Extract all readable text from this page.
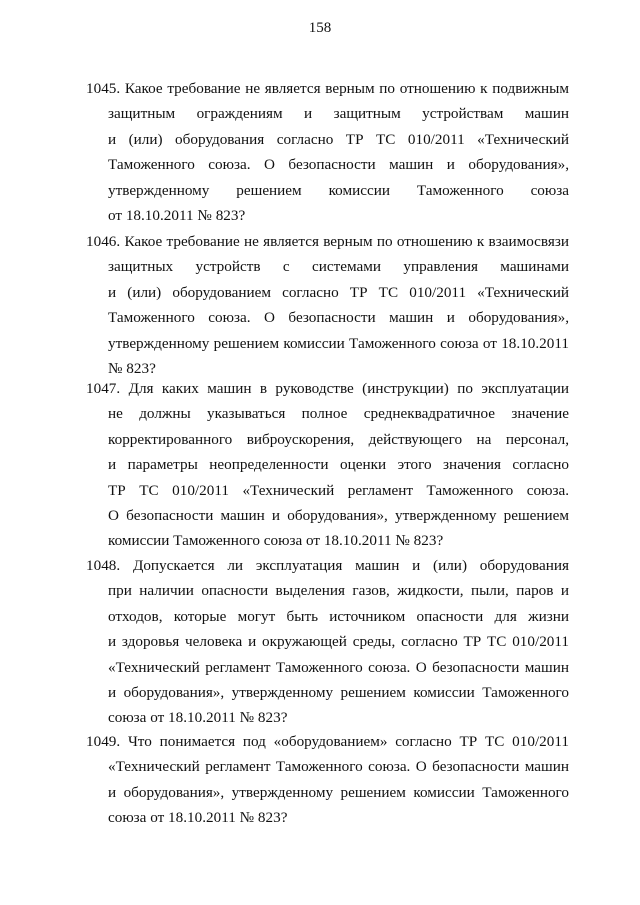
158
1045. Какое требование не является верным по отношению к подвижным
защитным ограждениям и защитным устройствам машин
и (или) оборудования согласно ТР ТС 010/2011 «Технический
Таможенного союза. О безопасности машин и оборудования»,
утвержденному решением комиссии Таможенного союза
от 18.10.2011 № 823?
1046. Какое требование не является верным по отношению к взаимосвязи
защитных устройств с системами управления машинами
и (или) оборудованием согласно ТР ТС 010/2011 «Технический
Таможенного союза. О безопасности машин и оборудования»,
утвержденному решением комиссии Таможенного союза от 18.10.2011
№ 823?
1047. Для каких машин в руководстве (инструкции) по эксплуатации
не должны указываться полное среднеквадратичное значение
корректированного виброускорения, действующего на персонал,
и параметры неопределенности оценки этого значения согласно
ТР ТС 010/2011 «Технический регламент Таможенного союза.
О безопасности машин и оборудования», утвержденному решением
комиссии Таможенного союза от 18.10.2011 № 823?
1048. Допускается ли эксплуатация машин и (или) оборудования
при наличии опасности выделения газов, жидкости, пыли, паров и
отходов, которые могут быть источником опасности для жизни
и здоровья человека и окружающей среды, согласно ТР ТС 010/2011
«Технический регламент Таможенного союза. О безопасности машин
и оборудования», утвержденному решением комиссии Таможенного
союза от 18.10.2011 № 823?
1049. Что понимается под «оборудованием» согласно ТР ТС 010/2011
«Технический регламент Таможенного союза. О безопасности машин
и оборудования», утвержденному решением комиссии Таможенного
союза от 18.10.2011 № 823?
